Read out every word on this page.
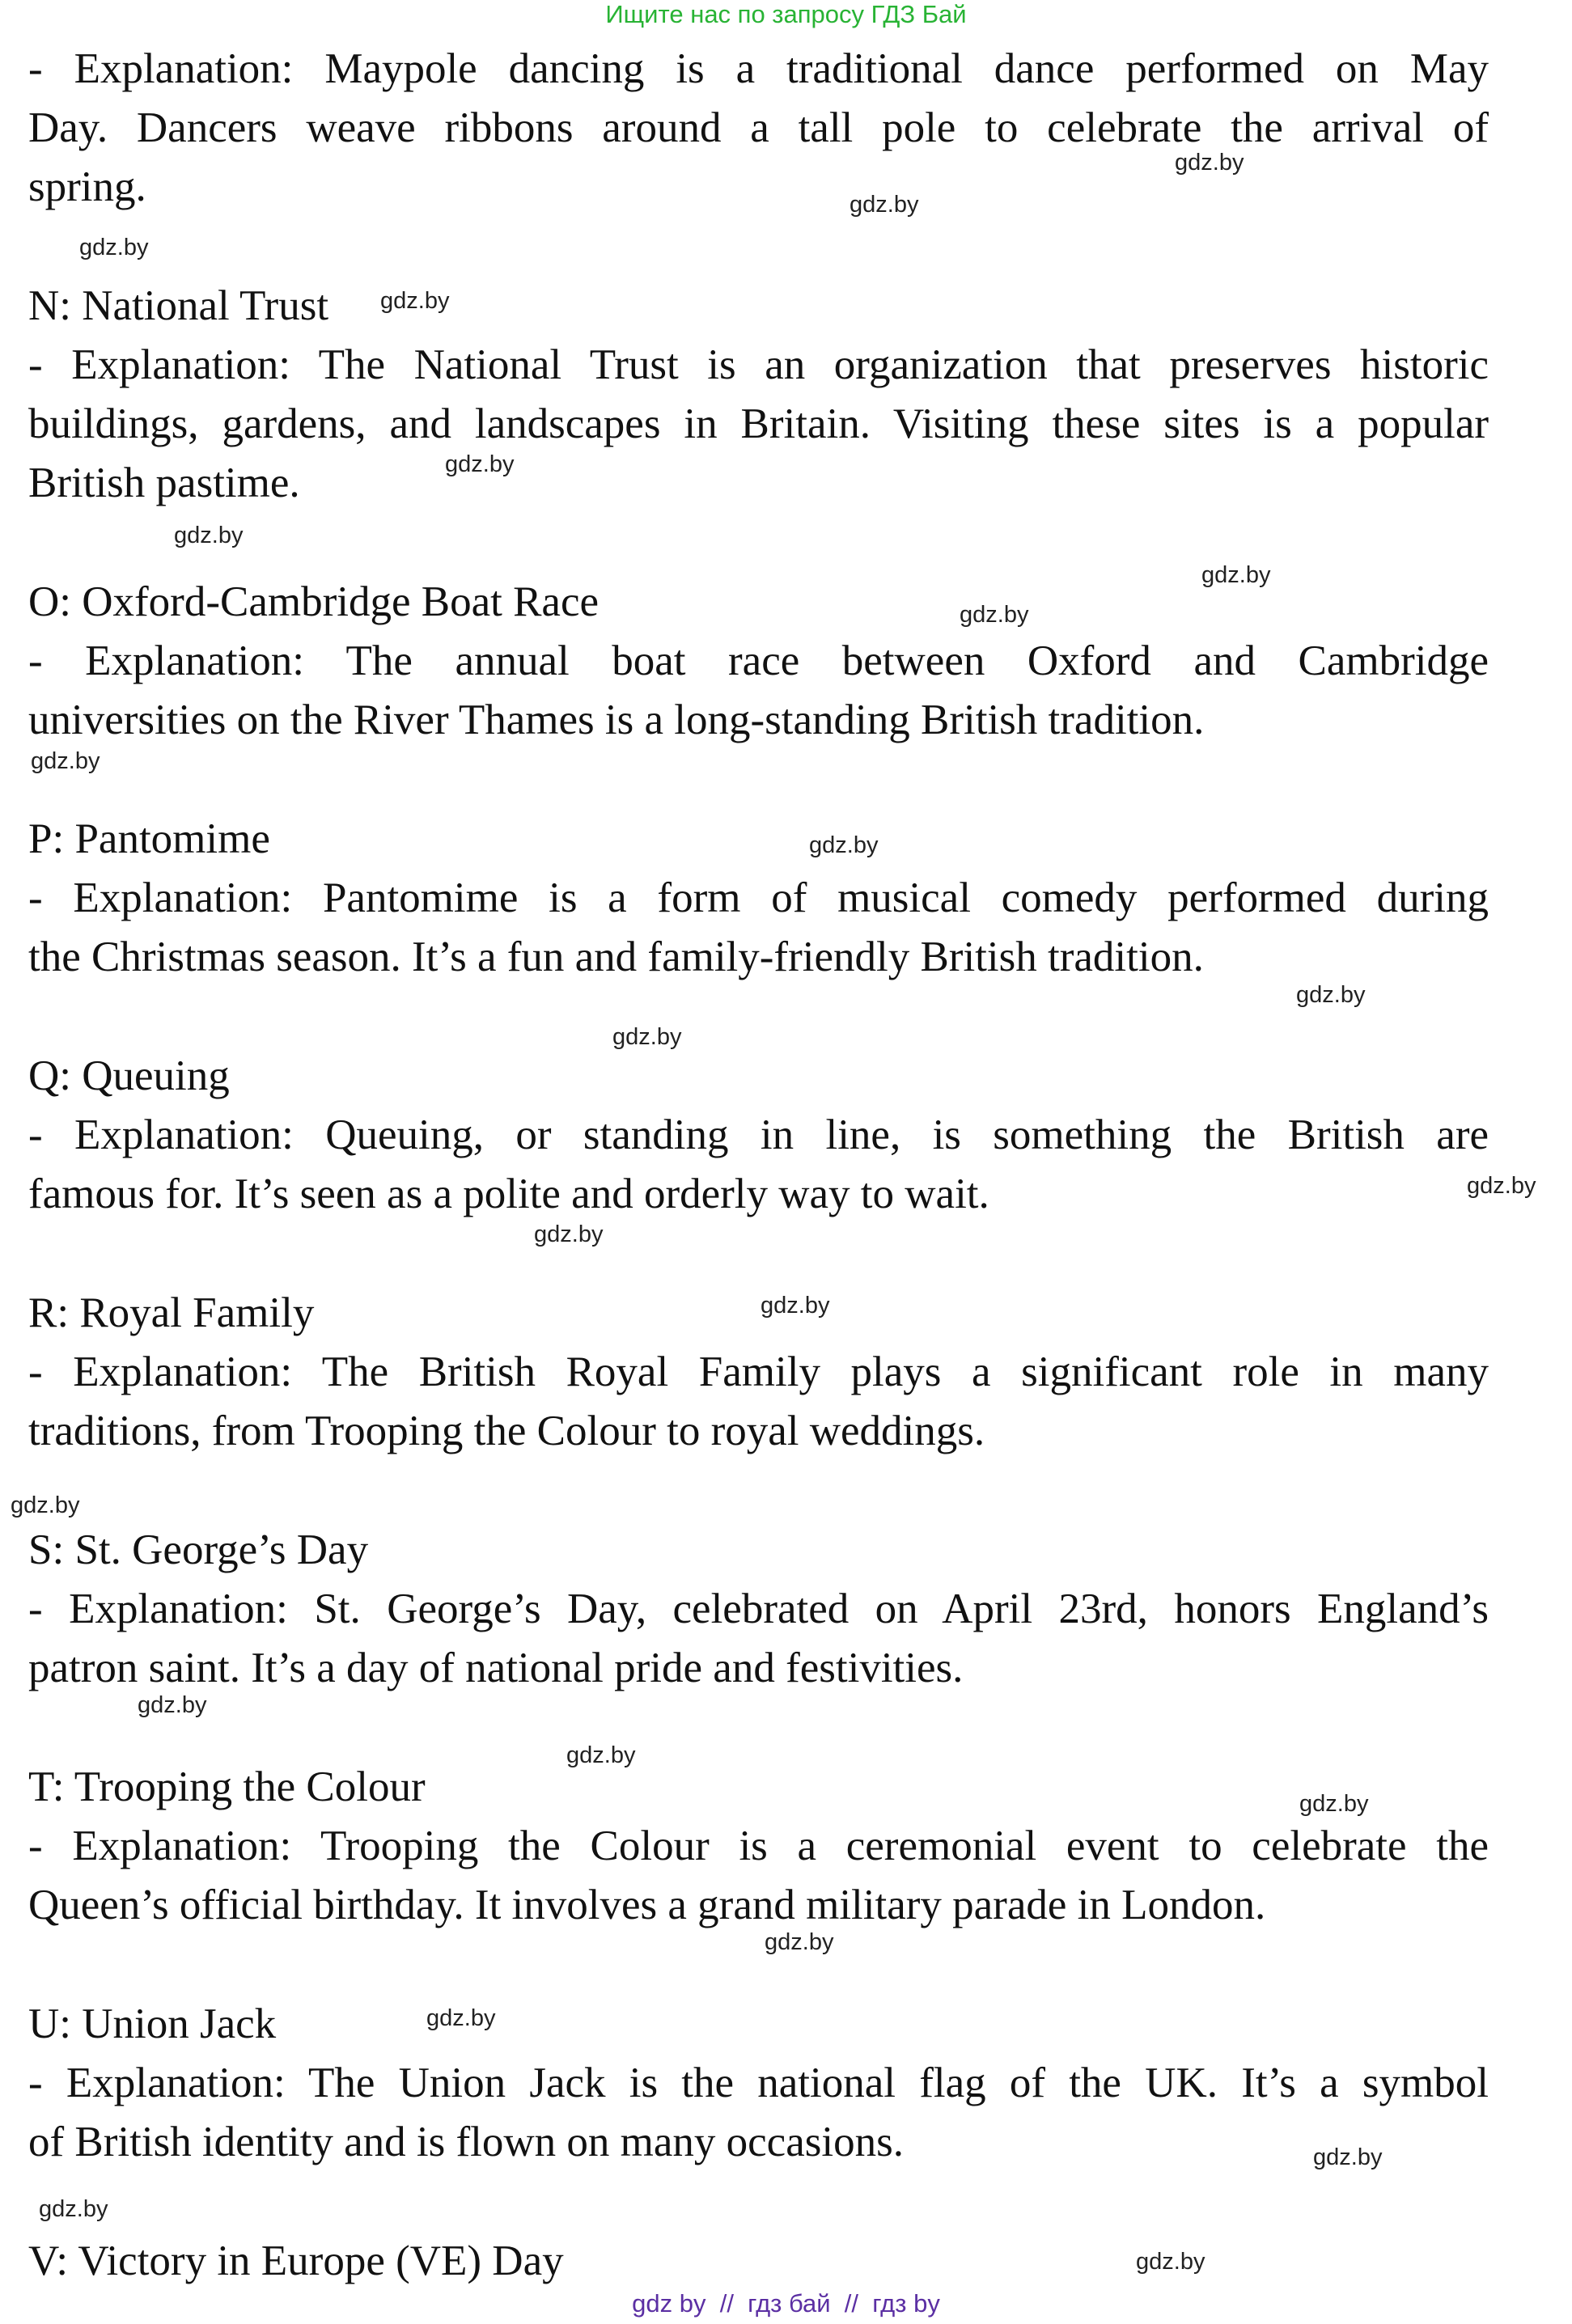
Ищите нас по запросу ГДЗ Бай
- Explanation: Maypole dancing is a traditional dance performed on May
Day. Dancers weave ribbons around a tall pole to celebrate the arrival of
spring.
N: National Trust
- Explanation: The National Trust is an organization that preserves historic
buildings, gardens, and landscapes in Britain. Visiting these sites is a popular
British pastime.
O: Oxford-Cambridge Boat Race
- Explanation: The annual boat race between Oxford and Cambridge
universities on the River Thames is a long-standing British tradition.
P: Pantomime
- Explanation: Pantomime is a form of musical comedy performed during
the Christmas season. It’s a fun and family-friendly British tradition.
Q: Queuing
- Explanation: Queuing, or standing in line, is something the British are
famous for. It’s seen as a polite and orderly way to wait.
R: Royal Family
- Explanation: The British Royal Family plays a significant role in many
traditions, from Trooping the Colour to royal weddings.
S: St. George’s Day
- Explanation: St. George’s Day, celebrated on April 23rd, honors England’s
patron saint. It’s a day of national pride and festivities.
T: Trooping the Colour
- Explanation: Trooping the Colour is a ceremonial event to celebrate the
Queen’s official birthday. It involves a grand military parade in London.
U: Union Jack
- Explanation: The Union Jack is the national flag of the UK. It’s a symbol
of British identity and is flown on many occasions.
V: Victory in Europe (VE) Day
gdz.by
gdz.by
gdz.by
gdz.by
gdz.by
gdz.by
gdz.by
gdz.by
gdz.by
gdz.by
gdz.by
gdz.by
gdz.by
gdz.by
gdz.by
gdz.by
gdz.by
gdz.by
gdz.by
gdz.by
gdz.by
gdz.by
gdz.by
gdz.by
gdz by  //  гдз бай  //  гдз by
